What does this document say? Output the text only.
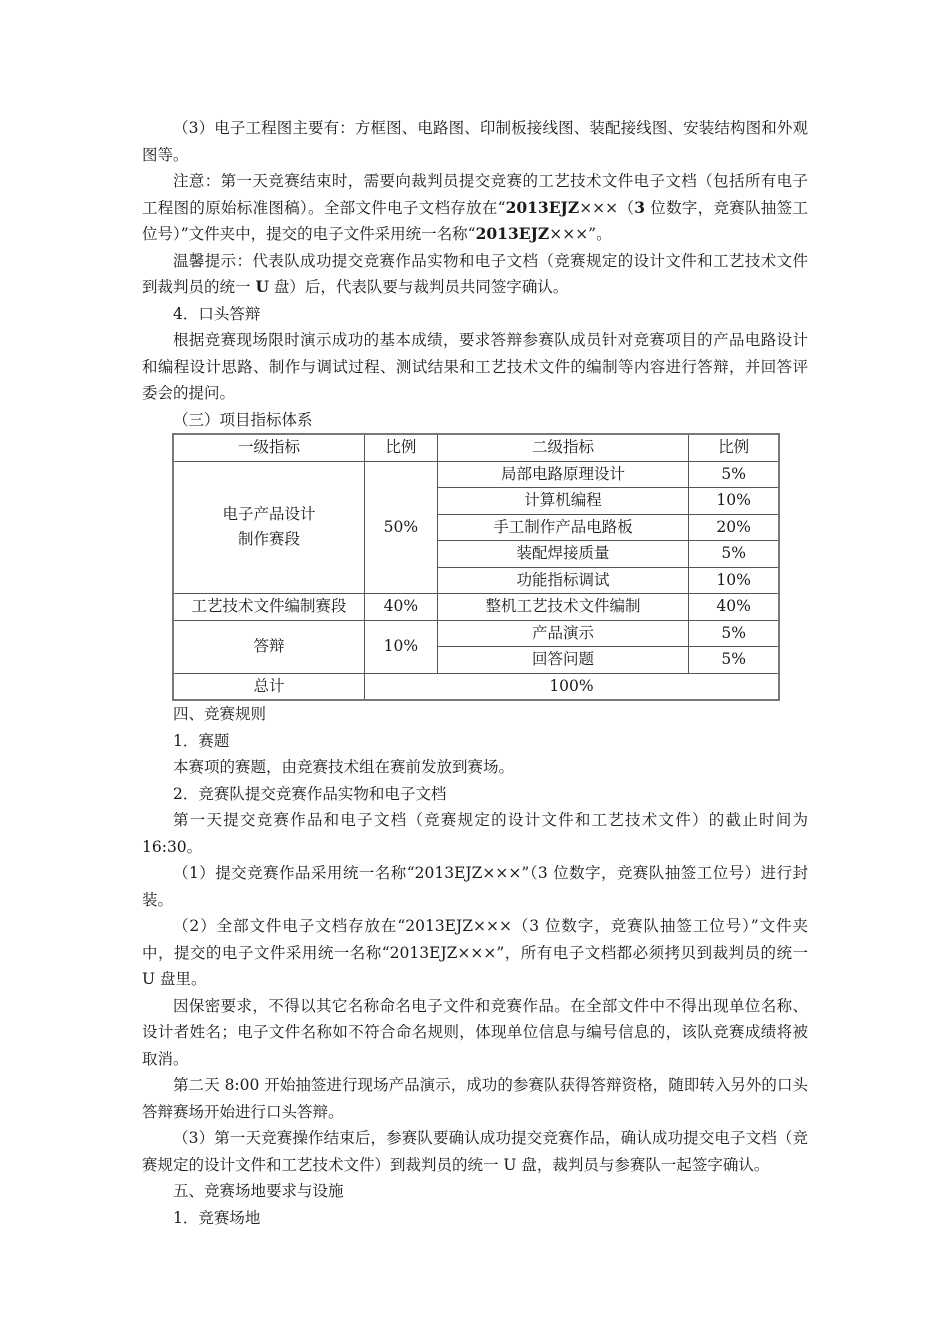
（3）电子工程图主要有：方框图、电路图、印制板接线图、装配接线图、安装结构图和外观图等。

注意：第一天竞赛结束时，需要向裁判员提交竞赛的工艺技术文件电子文档（包括所有电子工程图的原始标准图稿）。全部文件电子文档存放在“2013EJZ×××（3 位数字，竞赛队抽签工位号）”文件夹中，提交的电子文件采用统一名称“2013EJZ×××”。

温馨提示：代表队成功提交竞赛作品实物和电子文档（竞赛规定的设计文件和工艺技术文件到裁判员的统一 U 盘）后，代表队要与裁判员共同签字确认。

4．口头答辩

根据竞赛现场限时演示成功的基本成绩，要求答辩参赛队成员针对竞赛项目的产品电路设计和编程设计思路、制作与调试过程、测试结果和工艺技术文件的编制等内容进行答辩，并回答评委会的提问。

（三）项目指标体系

一级指标	比例	二级指标	比例
电子产品设计
制作赛段	50%	局部电路原理设计	5%
		计算机编程	10%
		手工制作产品电路板	20%
		装配焊接质量	5%
		功能指标调试	10%
工艺技术文件编制赛段	40%	整机工艺技术文件编制	40%
答辩	10%	产品演示	5%
		回答问题	5%
总计	100%		

四、竞赛规则

1．赛题

本赛项的赛题，由竞赛技术组在赛前发放到赛场。

2．竞赛队提交竞赛作品实物和电子文档

第一天提交竞赛作品和电子文档（竞赛规定的设计文件和工艺技术文件）的截止时间为 16:30。

（1）提交竞赛作品采用统一名称“2013EJZ×××”（3 位数字，竞赛队抽签工位号）进行封装。

（2）全部文件电子文档存放在“2013EJZ×××（3 位数字，竞赛队抽签工位号）”文件夹中，提交的电子文件采用统一名称“2013EJZ×××”，所有电子文档都必须拷贝到裁判员的统一 U 盘里。

因保密要求，不得以其它名称命名电子文件和竞赛作品。在全部文件中不得出现单位名称、设计者姓名；电子文件名称如不符合命名规则，体现单位信息与编号信息的，该队竞赛成绩将被取消。

第二天 8:00 开始抽签进行现场产品演示，成功的参赛队获得答辩资格，随即转入另外的口头答辩赛场开始进行口头答辩。

（3）第一天竞赛操作结束后，参赛队要确认成功提交竞赛作品，确认成功提交电子文档（竞赛规定的设计文件和工艺技术文件）到裁判员的统一 U 盘，裁判员与参赛队一起签字确认。

五、竞赛场地要求与设施

1．竞赛场地
